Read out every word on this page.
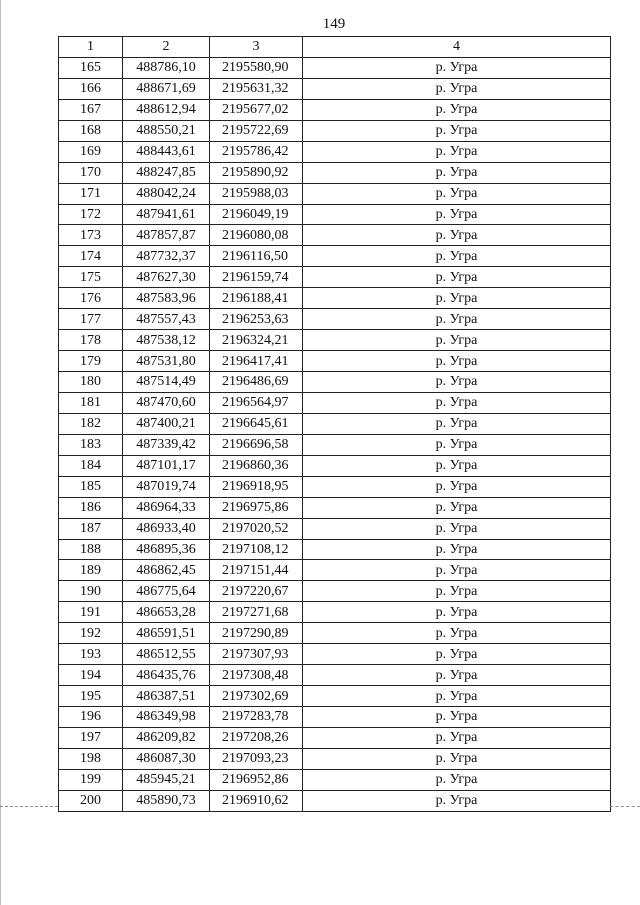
149
1	2	3	4
165	488786,10	2195580,90	р. Угра
166	488671,69	2195631,32	р. Угра
167	488612,94	2195677,02	р. Угра
168	488550,21	2195722,69	р. Угра
169	488443,61	2195786,42	р. Угра
170	488247,85	2195890,92	р. Угра
171	488042,24	2195988,03	р. Угра
172	487941,61	2196049,19	р. Угра
173	487857,87	2196080,08	р. Угра
174	487732,37	2196116,50	р. Угра
175	487627,30	2196159,74	р. Угра
176	487583,96	2196188,41	р. Угра
177	487557,43	2196253,63	р. Угра
178	487538,12	2196324,21	р. Угра
179	487531,80	2196417,41	р. Угра
180	487514,49	2196486,69	р. Угра
181	487470,60	2196564,97	р. Угра
182	487400,21	2196645,61	р. Угра
183	487339,42	2196696,58	р. Угра
184	487101,17	2196860,36	р. Угра
185	487019,74	2196918,95	р. Угра
186	486964,33	2196975,86	р. Угра
187	486933,40	2197020,52	р. Угра
188	486895,36	2197108,12	р. Угра
189	486862,45	2197151,44	р. Угра
190	486775,64	2197220,67	р. Угра
191	486653,28	2197271,68	р. Угра
192	486591,51	2197290,89	р. Угра
193	486512,55	2197307,93	р. Угра
194	486435,76	2197308,48	р. Угра
195	486387,51	2197302,69	р. Угра
196	486349,98	2197283,78	р. Угра
197	486209,82	2197208,26	р. Угра
198	486087,30	2197093,23	р. Угра
199	485945,21	2196952,86	р. Угра
200	485890,73	2196910,62	р. Угра
